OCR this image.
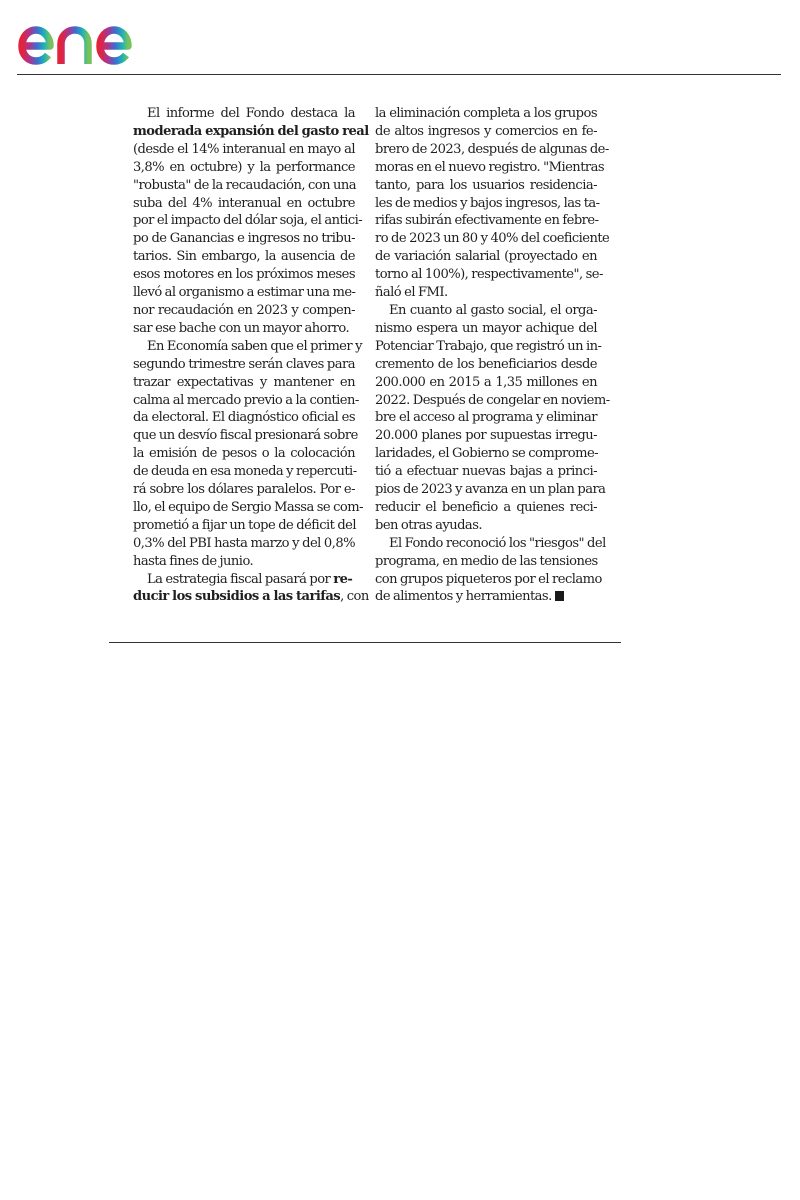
El informe del Fondo destaca la
moderada expansión del gasto real
(desde el 14% interanual en mayo al
3,8% en octubre) y la performance
"robusta" de la recaudación, con una
suba del 4% interanual en octubre
por el impacto del dólar soja, el antici-
po de Ganancias e ingresos no tribu-
tarios. Sin embargo, la ausencia de
esos motores en los próximos meses
llevó al organismo a estimar una me-
nor recaudación en 2023 y compen-
sar ese bache con un mayor ahorro.
En Economía saben que el primer y
segundo trimestre serán claves para
trazar expectativas y mantener en
calma al mercado previo a la contien-
da electoral. El diagnóstico oficial es
que un desvío fiscal presionará sobre
la emisión de pesos o la colocación
de deuda en esa moneda y repercuti-
rá sobre los dólares paralelos. Por e-
llo, el equipo de Sergio Massa se com-
prometió a fijar un tope de déficit del
0,3% del PBI hasta marzo y del 0,8%
hasta fines de junio.
La estrategia fiscal pasará por re-
ducir los subsidios a las tarifas, con
la eliminación completa a los grupos
de altos ingresos y comercios en fe-
brero de 2023, después de algunas de-
moras en el nuevo registro. "Mientras
tanto, para los usuarios residencia-
les de medios y bajos ingresos, las ta-
rifas subirán efectivamente en febre-
ro de 2023 un 80 y 40% del coeficiente
de variación salarial (proyectado en
torno al 100%), respectivamente", se-
ñaló el FMI.
En cuanto al gasto social, el orga-
nismo espera un mayor achique del
Potenciar Trabajo, que registró un in-
cremento de los beneficiarios desde
200.000 en 2015 a 1,35 millones en
2022. Después de congelar en noviem-
bre el acceso al programa y eliminar
20.000 planes por supuestas irregu-
laridades, el Gobierno se comprome-
tió a efectuar nuevas bajas a princi-
pios de 2023 y avanza en un plan para
reducir el beneficio a quienes reci-
ben otras ayudas.
El Fondo reconoció los "riesgos" del
programa, en medio de las tensiones
con grupos piqueteros por el reclamo
de alimentos y herramientas.
